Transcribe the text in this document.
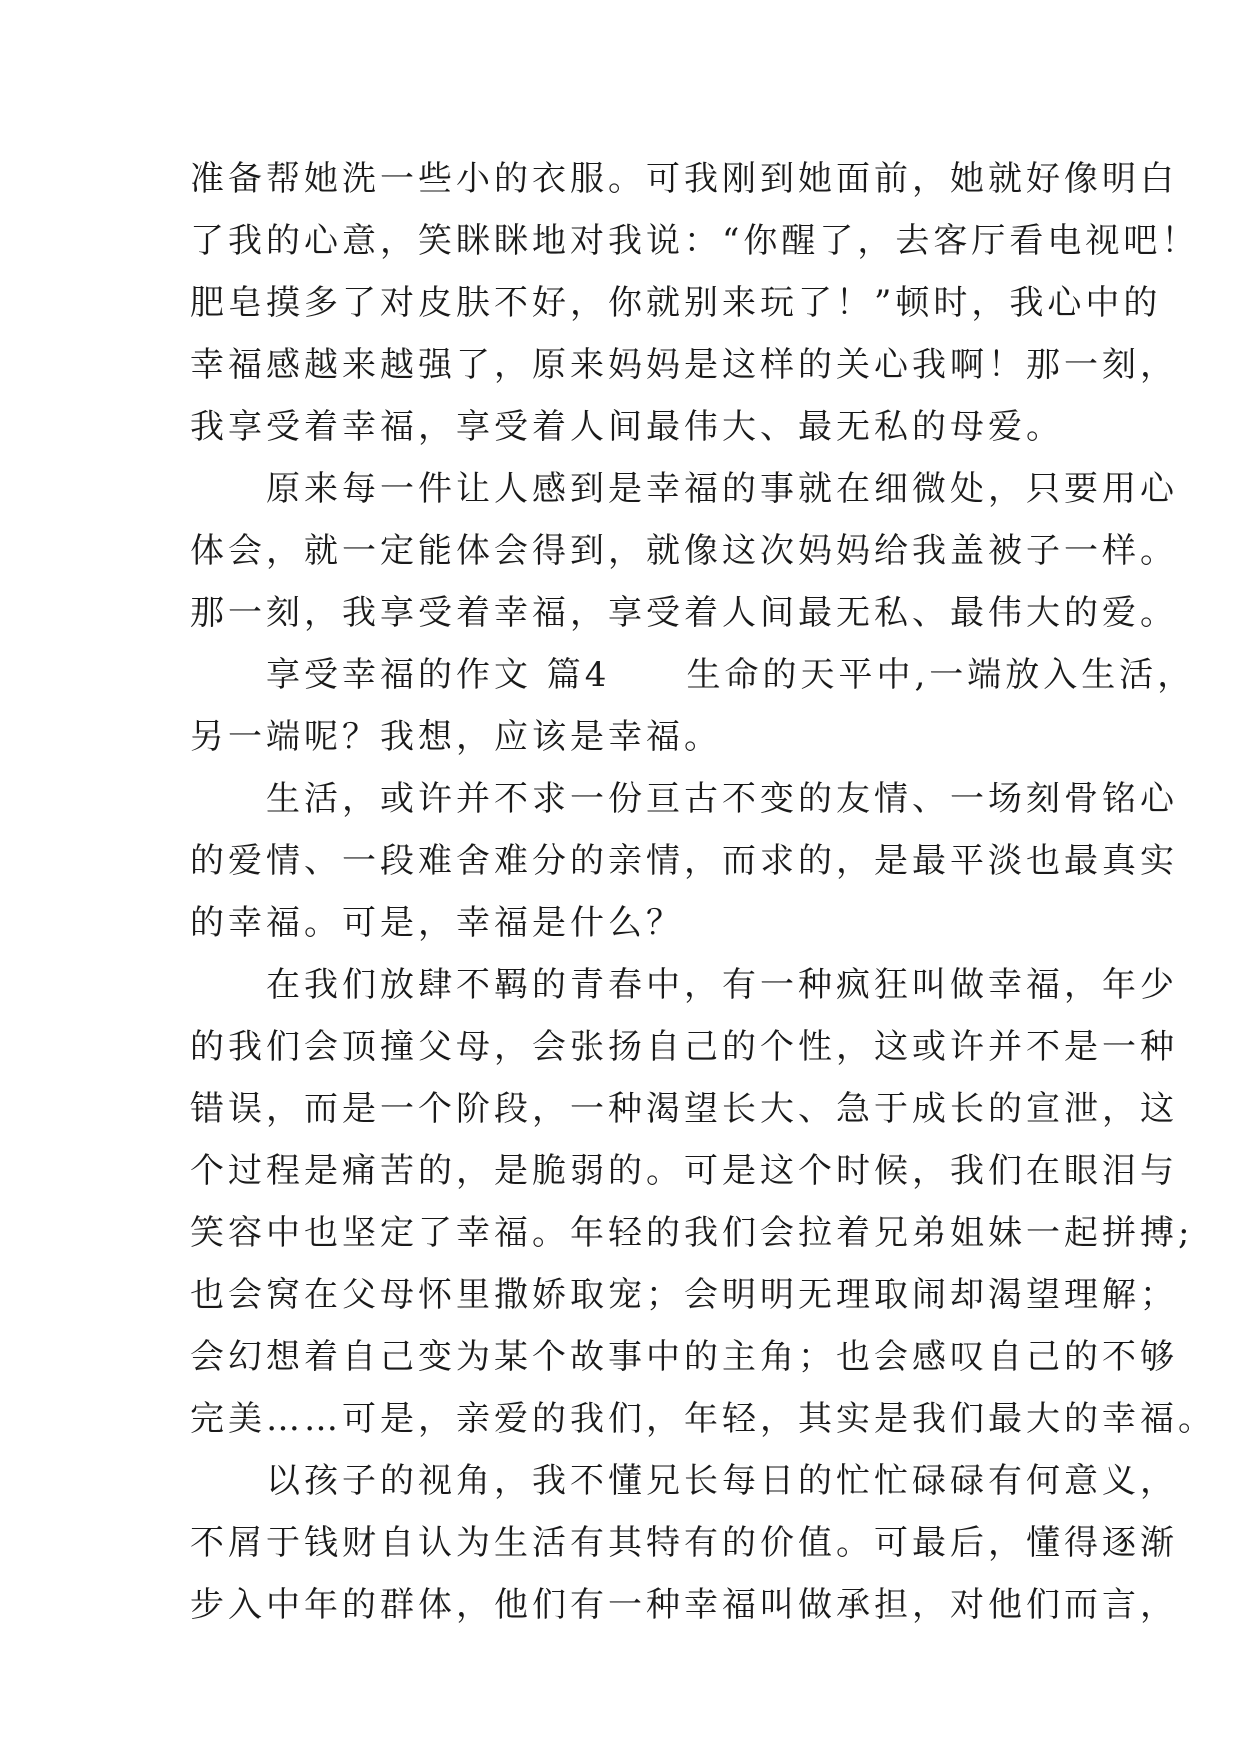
准备帮她洗一些小的衣服。可我刚到她面前，她就好像明白
了我的心意，笑眯眯地对我说：“你醒了，去客厅看电视吧！
肥皂摸多了对皮肤不好，你就别来玩了！”顿时，我心中的
幸福感越来越强了，原来妈妈是这样的关心我啊！那一刻，
我享受着幸福，享受着人间最伟大、最无私的母爱。
　　原来每一件让人感到是幸福的事就在细微处，只要用心
体会，就一定能体会得到，就像这次妈妈给我盖被子一样。
那一刻，我享受着幸福，享受着人间最无私、最伟大的爱。
　　享受幸福的作文 篇4　　生命的天平中,一端放入生活，
另一端呢？我想，应该是幸福。
　　生活，或许并不求一份亘古不变的友情、一场刻骨铭心
的爱情、一段难舍难分的亲情，而求的，是最平淡也最真实
的幸福。可是，幸福是什么？
　　在我们放肆不羁的青春中，有一种疯狂叫做幸福，年少
的我们会顶撞父母，会张扬自己的个性，这或许并不是一种
错误，而是一个阶段，一种渴望长大、急于成长的宣泄，这
个过程是痛苦的，是脆弱的。可是这个时候，我们在眼泪与
笑容中也坚定了幸福。年轻的我们会拉着兄弟姐妹一起拼搏;
也会窝在父母怀里撒娇取宠；会明明无理取闹却渴望理解；
会幻想着自己变为某个故事中的主角；也会感叹自己的不够
完美……可是，亲爱的我们，年轻，其实是我们最大的幸福。
　　以孩子的视角，我不懂兄长每日的忙忙碌碌有何意义，
不屑于钱财自认为生活有其特有的价值。可最后，懂得逐渐
步入中年的群体，他们有一种幸福叫做承担，对他们而言，
